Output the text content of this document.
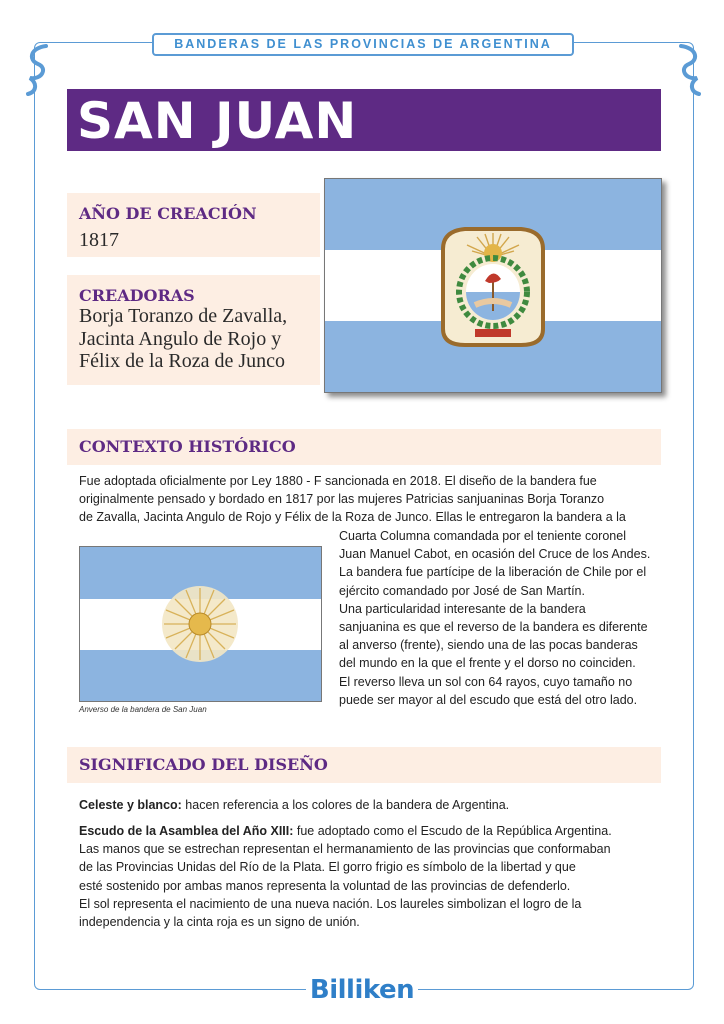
BANDERAS DE LAS PROVINCIAS DE ARGENTINA
SAN JUAN
AÑO DE CREACIÓN
1817
CREADORAS
Borja Toranzo de Zavalla,
Jacinta Angulo de Rojo y
Félix de la Roza de Junco
CONTEXTO HISTÓRICO
Fue adoptada oficialmente por Ley 1880 - F sancionada en 2018. El diseño de la bandera fue
originalmente pensado y bordado en 1817 por las mujeres Patricias sanjuaninas Borja Toranzo
de Zavalla, Jacinta Angulo de Rojo y Félix de la Roza de Junco. Ellas le entregaron la bandera a la
Cuarta Columna comandada por el teniente coronel
Juan Manuel Cabot, en ocasión del Cruce de los Andes.
La bandera fue partícipe de la liberación de Chile por el
ejército comandado por José de San Martín.
Una particularidad interesante de la bandera
sanjuanina es que el reverso de la bandera es diferente
al anverso (frente), siendo una de las pocas banderas
del mundo en la que el frente y el dorso no coinciden.
El reverso lleva un sol con 64 rayos, cuyo tamaño no
puede ser mayor al del escudo que está del otro lado.
Anverso de la bandera de San Juan
SIGNIFICADO DEL DISEÑO
Celeste y blanco: hacen referencia a los colores de la bandera de Argentina.
Escudo de la Asamblea del Año XIII: fue adoptado como el Escudo de la República Argentina.
Las manos que se estrechan representan el hermanamiento de las provincias que conformaban
de las Provincias Unidas del Río de la Plata. El gorro frigio es símbolo de la libertad y que
esté sostenido por ambas manos representa la voluntad de las provincias de defenderlo.
El sol representa el nacimiento de una nueva nación. Los laureles simbolizan el logro de la
independencia y la cinta roja es un signo de unión.
Billiken
